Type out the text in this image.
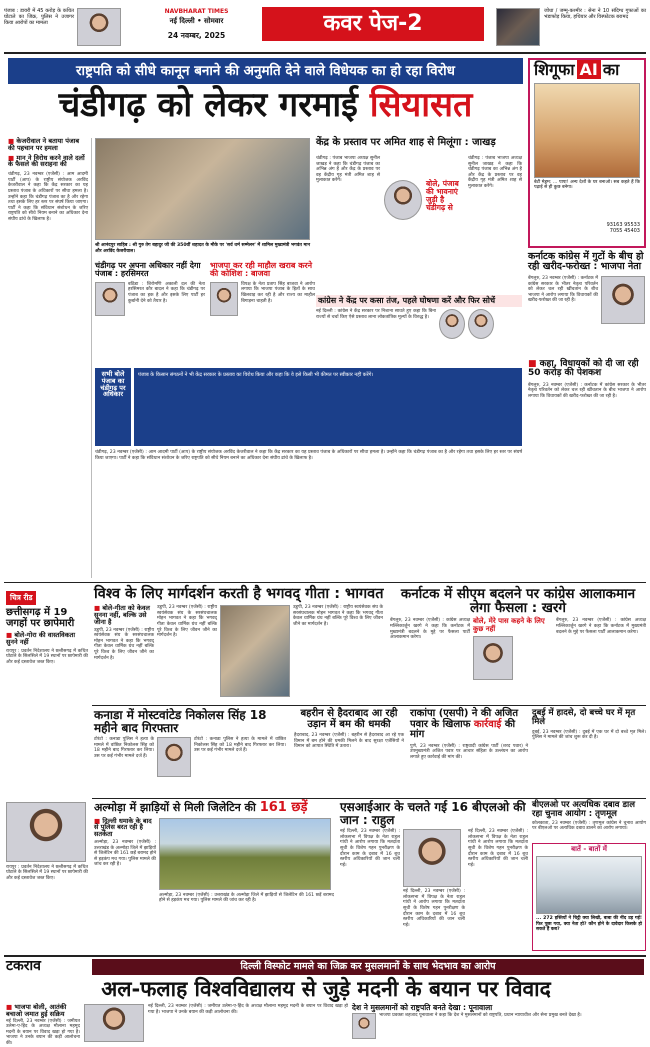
पंजाब : डायरी में 45 करोड़ के कथित घोटाले का जिक्र, पुलिस ने उजागर किया आरोपों का मामला
NAVBHARAT TIMES
नई दिल्ली • सोमवार
24 नवम्बर, 2025	कवर पेज-2	जोधा / जम्मू-कश्मीर : सेना ने 10 संदिग्ध गुफाओं का भंडाफोड़ किया, हथियार और विस्फोटक बरामद
राष्ट्रपति को सीधे कानून बनाने की अनुमति देने वाले विधेयक का हो रहा विरोध
चंडीगढ़ को लेकर गरमाई सियासत
■ केजरीवाल ने बताया पंजाब की पहचान पर हमला
■ मान ने विरोध करने वाले दलों के फैसले की सराहना की
चंडीगढ़, 23 नवम्बर (एजेंसी) : आम आदमी पार्टी (आप) के राष्ट्रीय संयोजक अरविंद केजरीवाल ने कहा कि केंद्र सरकार का यह प्रस्ताव पंजाब के अधिकारों पर सीधा हमला है। उन्होंने कहा कि चंडीगढ़ पंजाब का है और रहेगा तथा इसके लिए हर स्तर पर संघर्ष किया जाएगा। पार्टी ने कहा कि संविधान संशोधन के जरिए राष्ट्रपति को सीधे नियम बनाने का अधिकार देना संघीय ढांचे के खिलाफ है।
श्री आनंदपुर साहिब : श्री गुरु तेग बहादुर जी की 350वीं शहादत के मौके पर 'सर्व धर्म सम्मेलन' में शामिल मुख्यमंत्री भगवंत मान और अरविंद केजरीवाल।
केंद्र के प्रस्ताव पर अमित शाह से मिलूंगा : जाखड़
चंडीगढ़ : पंजाब भाजपा अध्यक्ष सुनील जाखड़ ने कहा कि चंडीगढ़ पंजाब का अभिन्न अंग है और केंद्र के प्रस्ताव पर वह केंद्रीय गृह मंत्री अमित शाह से मुलाकात करेंगे।	बोले, पंजाब की भावनाएं जुड़ी है चंडीगढ़ से
चंडीगढ़ : पंजाब भाजपा अध्यक्ष सुनील जाखड़ ने कहा कि चंडीगढ़ पंजाब का अभिन्न अंग है और केंद्र के प्रस्ताव पर वह केंद्रीय गृह मंत्री अमित शाह से मुलाकात करेंगे।
चंडीगढ़ पर अपना अधिकार नहीं देगा पंजाब : हरसिमरत
बठिंडा : शिरोमणि अकाली दल की नेता हरसिमरत कौर बादल ने कहा कि चंडीगढ़ पर पंजाब का हक है और इसके लिए पार्टी हर कुर्बानी देने को तैयार है।
भाजपा कर रही माहौल खराब करने की कोशिश : बाजवा
विपक्ष के नेता प्रताप सिंह बाजवा ने आरोप लगाया कि भाजपा पंजाब के हितों के साथ खिलवाड़ कर रही है और राज्य का माहौल बिगाड़ना चाहती है।	कांग्रेस ने केंद्र पर कसा तंज, पहले घोषणा करें और फिर सोचें
नई दिल्ली : कांग्रेस ने केंद्र सरकार पर निशाना साधते हुए कहा कि बिना राज्यों से चर्चा किए ऐसे प्रस्ताव लाना लोकतांत्रिक मूल्यों के विरुद्ध है।
सभी बोले पंजाब का चंडीगढ़ पर अधिकार
पंजाब के किसान संगठनों ने भी केंद्र सरकार के प्रस्ताव का विरोध किया और कहा कि वे इसे किसी भी कीमत पर स्वीकार नहीं करेंगे।
चंडीगढ़, 23 नवम्बर (एजेंसी) : आम आदमी पार्टी (आप) के राष्ट्रीय संयोजक अरविंद केजरीवाल ने कहा कि केंद्र सरकार का यह प्रस्ताव पंजाब के अधिकारों पर सीधा हमला है। उन्होंने कहा कि चंडीगढ़ पंजाब का है और रहेगा तथा इसके लिए हर स्तर पर संघर्ष किया जाएगा। पार्टी ने कहा कि संविधान संशोधन के जरिए राष्ट्रपति को सीधे नियम बनाने का अधिकार देना संघीय ढांचे के खिलाफ है।
शिगूफा AI का
बेटी मेड्रम: ... पापा! अन्य देशों के घर बनाओ। सब कहते हैं कि पढ़ाई से ही कुछ बनेगा।
93163 95533
7055 45403
कर्नाटक कांग्रेस में गुटों के बीच हो रही खरीद-फरोख्त : भाजपा नेता
बेंगलुरु, 23 नवम्बर (एजेंसी) : कर्नाटक में कांग्रेस सरकार के भीतर नेतृत्व परिवर्तन को लेकर चल रही खींचतान के बीच भाजपा ने आरोप लगाया कि विधायकों की खरीद-फरोख्त की जा रही है।
■ कहा, विधायकों को दी जा रही 50 करोड़ की पेशकश
बेंगलुरु, 23 नवम्बर (एजेंसी) : कर्नाटक में कांग्रेस सरकार के भीतर नेतृत्व परिवर्तन को लेकर चल रही खींचतान के बीच भाजपा ने आरोप लगाया कि विधायकों की खरीद-फरोख्त की जा रही है।
चित्र रीड
छत्तीसगढ़ में 19 जगहों पर छापेमारी
■ बोले-गोरा की वास्तविकता सुनने नहीं
रायपुर : प्रवर्तन निदेशालय ने छत्तीसगढ़ में कथित घोटाले के सिलसिले में 19 स्थानों पर छापेमारी की और कई दस्तावेज जब्त किए।
रायपुर : प्रवर्तन निदेशालय ने छत्तीसगढ़ में कथित घोटाले के सिलसिले में 19 स्थानों पर छापेमारी की और कई दस्तावेज जब्त किए।
विश्व के लिए मार्गदर्शन करती है भगवद् गीता : भागवत
■ बोले-गीता को केवल सुनना नहीं, बल्कि उसे जीना है
उडुपी, 23 नवम्बर (एजेंसी) : राष्ट्रीय स्वयंसेवक संघ के सरसंघचालक मोहन भागवत ने कहा कि भगवद् गीता केवल धार्मिक ग्रंथ नहीं बल्कि पूरे विश्व के लिए जीवन जीने का मार्गदर्शन है।
उडुपी, 23 नवम्बर (एजेंसी) : राष्ट्रीय स्वयंसेवक संघ के सरसंघचालक मोहन भागवत ने कहा कि भगवद् गीता केवल धार्मिक ग्रंथ नहीं बल्कि पूरे विश्व के लिए जीवन जीने का मार्गदर्शन है।
उडुपी, 23 नवम्बर (एजेंसी) : राष्ट्रीय स्वयंसेवक संघ के सरसंघचालक मोहन भागवत ने कहा कि भगवद् गीता केवल धार्मिक ग्रंथ नहीं बल्कि पूरे विश्व के लिए जीवन जीने का मार्गदर्शन है।
कर्नाटक में सीएम बदलने पर कांग्रेस आलाकमान लेगा फैसला : खरगे
बेंगलुरु, 23 नवम्बर (एजेंसी) : कांग्रेस अध्यक्ष मल्लिकार्जुन खरगे ने कहा कि कर्नाटक में मुख्यमंत्री बदलने के मुद्दे पर फैसला पार्टी आलाकमान करेगा।
बोले, मेरे पास कहने के लिए कुछ नहीं
बेंगलुरु, 23 नवम्बर (एजेंसी) : कांग्रेस अध्यक्ष मल्लिकार्जुन खरगे ने कहा कि कर्नाटक में मुख्यमंत्री बदलने के मुद्दे पर फैसला पार्टी आलाकमान करेगा।
कनाडा में मोस्टवांटेड निकोलस सिंह 18 महीने बाद गिरफ्तार
टोरंटो : कनाडा पुलिस ने हत्या के मामले में वांछित निकोलस सिंह को 18 महीने बाद गिरफ्तार कर लिया। उस पर कई गंभीर मामले दर्ज हैं।
टोरंटो : कनाडा पुलिस ने हत्या के मामले में वांछित निकोलस सिंह को 18 महीने बाद गिरफ्तार कर लिया। उस पर कई गंभीर मामले दर्ज हैं।
बहरीन से हैदराबाद आ रही उड़ान में बम की धमकी
हैदराबाद, 23 नवम्बर (एजेंसी) : बहरीन से हैदराबाद आ रहे एक विमान में बम होने की धमकी मिलने के बाद सुरक्षा एजेंसियों ने विमान को आपात स्थिति में उतारा।
राकांपा (एसपी) ने की अजित पवार के खिलाफ कार्रवाई की मांग
पुणे, 23 नवम्बर (एजेंसी) : राष्ट्रवादी कांग्रेस पार्टी (शरद पवार) ने उपमुख्यमंत्री अजित पवार पर आचार संहिता के उल्लंघन का आरोप लगाते हुए कार्रवाई की मांग की।
दुबई में हादसे, दो बच्चे घर में मृत मिले
दुबई, 23 नवम्बर (एजेंसी) : दुबई में एक घर में दो बच्चे मृत मिले। पुलिस ने मामले की जांच शुरू कर दी है।
अल्मोड़ा में झाड़ियों से मिली जिलेटिन की 161 छड़ें
■ दिल्ली धमाके के बाद से पुलिस बरत रही है सतर्कता
अल्मोड़ा, 23 नवम्बर (एजेंसी) : उत्तराखंड के अल्मोड़ा जिले में झाड़ियों से जिलेटिन की 161 छड़ें बरामद होने से हड़कंप मच गया। पुलिस मामले की जांच कर रही है।
अल्मोड़ा, 23 नवम्बर (एजेंसी) : उत्तराखंड के अल्मोड़ा जिले में झाड़ियों से जिलेटिन की 161 छड़ें बरामद होने से हड़कंप मच गया। पुलिस मामले की जांच कर रही है।
एसआईआर के चलते गई 16 बीएलओ की जान : राहुल
नई दिल्ली, 23 नवम्बर (एजेंसी) : लोकसभा में विपक्ष के नेता राहुल गांधी ने आरोप लगाया कि मतदाता सूची के विशेष गहन पुनरीक्षण के दौरान काम के दबाव में 16 बूथ स्तरीय अधिकारियों की जान चली गई।
नई दिल्ली, 23 नवम्बर (एजेंसी) : लोकसभा में विपक्ष के नेता राहुल गांधी ने आरोप लगाया कि मतदाता सूची के विशेष गहन पुनरीक्षण के दौरान काम के दबाव में 16 बूथ स्तरीय अधिकारियों की जान चली गई।
नई दिल्ली, 23 नवम्बर (एजेंसी) : लोकसभा में विपक्ष के नेता राहुल गांधी ने आरोप लगाया कि मतदाता सूची के विशेष गहन पुनरीक्षण के दौरान काम के दबाव में 16 बूथ स्तरीय अधिकारियों की जान चली गई।
बीएलओ पर अत्यधिक दबाव डाल रहा चुनाव आयोग : तृणमूल
कोलकाता, 23 नवम्बर (एजेंसी) : तृणमूल कांग्रेस ने चुनाव आयोग पर बीएलओ पर अत्यधिक दबाव डालने का आरोप लगाया।
बातें - बातों में
... 272 हस्तियों ने चिट्ठी क्या लिखी, बाबा की नींद उड़ गई! फिर पूछा गया, क्या नेता हो? कौन होने के दावेदार किसके हो सकते हैं कब?
टकराव	दिल्ली विस्फोट मामले का जिक्र कर मुसलमानों के साथ भेदभाव का आरोप
अल-फलाह विश्वविद्यालय से जुड़े मदनी के बयान पर विवाद
■ भाजपा बोली, आतंकी बचाओ जमात हुई सक्रिय
नई दिल्ली, 23 नवम्बर (एजेंसी) : जमीयत उलेमा-ए-हिंद के अध्यक्ष मौलाना महमूद मदनी के बयान पर विवाद खड़ा हो गया है। भाजपा ने उनके बयान की कड़ी आलोचना की।
नई दिल्ली, 23 नवम्बर (एजेंसी) : जमीयत उलेमा-ए-हिंद के अध्यक्ष मौलाना महमूद मदनी के बयान पर विवाद खड़ा हो गया है। भाजपा ने उनके बयान की कड़ी आलोचना की।
देश ने मुसलमानों को राष्ट्रपति बनते देखा : पूनावाला
भाजपा प्रवक्ता शहजाद पूनावाला ने कहा कि देश ने मुसलमानों को राष्ट्रपति, प्रधान न्यायाधीश और सेना प्रमुख बनते देखा है।
